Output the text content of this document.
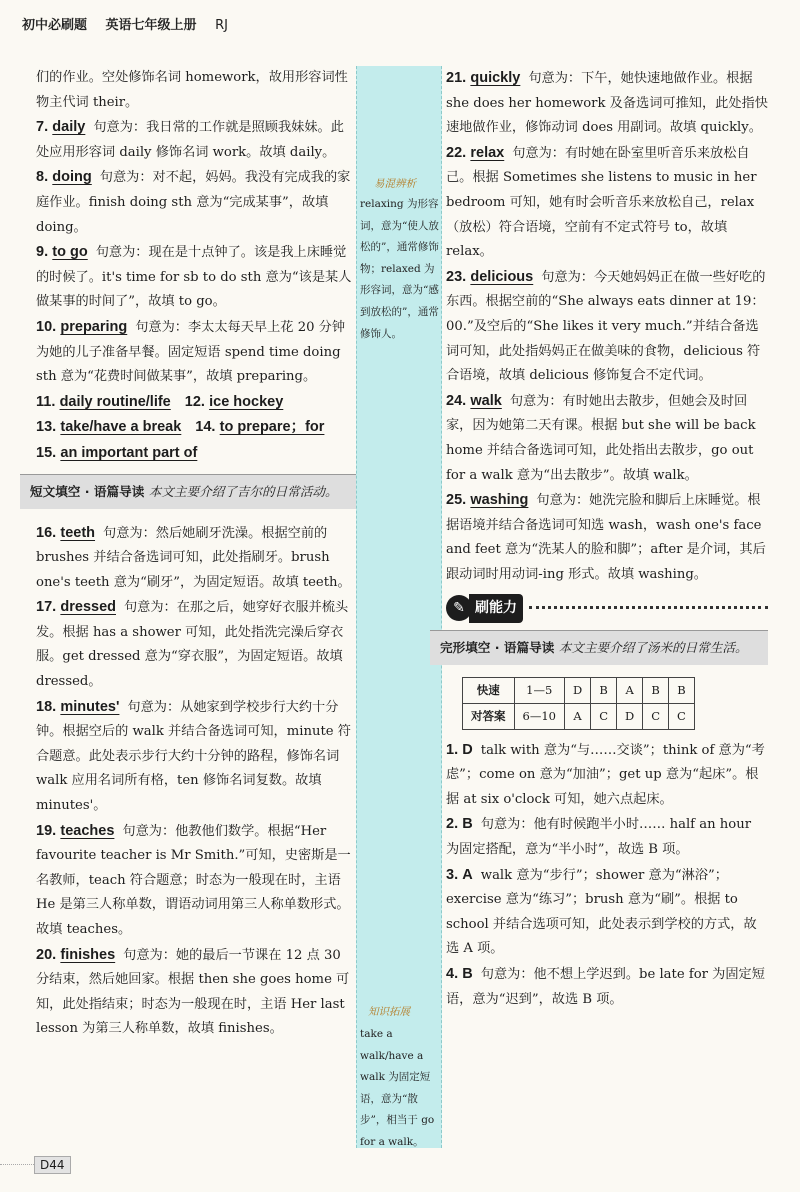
初中必刷题 英语七年级上册 RJ
易混辨析
relaxing 为形容词，意为“使人放松的”，通常修饰物；relaxed 为形容词，意为“感到放松的”，通常修饰人。
知识拓展
take a walk/have a walk 为固定短语，意为“散步”，相当于 go for a walk。
们的作业。空处修饰名词 homework，故用形容词性物主代词 their。
7. daily 句意为：我日常的工作就是照顾我妹妹。此处应用形容词 daily 修饰名词 work。故填 daily。
8. doing 句意为：对不起，妈妈。我没有完成我的家庭作业。finish doing sth 意为“完成某事”，故填 doing。
9. to go 句意为：现在是十点钟了。该是我上床睡觉的时候了。it's time for sb to do sth 意为“该是某人做某事的时间了”，故填 to go。
10. preparing 句意为：李太太每天早上花 20 分钟为她的儿子准备早餐。固定短语 spend time doing sth 意为“花费时间做某事”，故填 preparing。
11. daily routine/life 12. ice hockey
13. take/have a break 14. to prepare；for
15. an important part of
短文填空 · 语篇导读 本文主要介绍了吉尔的日常活动。
16. teeth 句意为：然后她刷牙洗澡。根据空前的 brushes 并结合备选词可知，此处指刷牙。brush one's teeth 意为“刷牙”，为固定短语。故填 teeth。
17. dressed 句意为：在那之后，她穿好衣服并梳头发。根据 has a shower 可知，此处指洗完澡后穿衣服。get dressed 意为“穿衣服”，为固定短语。故填 dressed。
18. minutes' 句意为：从她家到学校步行大约十分钟。根据空后的 walk 并结合备选词可知，minute 符合题意。此处表示步行大约十分钟的路程，修饰名词 walk 应用名词所有格，ten 修饰名词复数。故填 minutes'。
19. teaches 句意为：他教他们数学。根据“Her favourite teacher is Mr Smith.”可知，史密斯是一名教师，teach 符合题意；时态为一般现在时，主语 He 是第三人称单数，谓语动词用第三人称单数形式。故填 teaches。
20. finishes 句意为：她的最后一节课在 12 点 30 分结束，然后她回家。根据 then she goes home 可知，此处指结束；时态为一般现在时，主语 Her last lesson 为第三人称单数，故填 finishes。
21. quickly 句意为：下午，她快速地做作业。根据 she does her homework 及备选词可推知，此处指快速地做作业，修饰动词 does 用副词。故填 quickly。
22. relax 句意为：有时她在卧室里听音乐来放松自己。根据 Sometimes she listens to music in her bedroom 可知，她有时会听音乐来放松自己，relax（放松）符合语境，空前有不定式符号 to，故填 relax。
23. delicious 句意为：今天她妈妈正在做一些好吃的东西。根据空前的“She always eats dinner at 19：00.”及空后的“She likes it very much.”并结合备选词可知，此处指妈妈正在做美味的食物，delicious 符合语境，故填 delicious 修饰复合不定代词。
24. walk 句意为：有时她出去散步，但她会及时回家，因为她第二天有课。根据 but she will be back home 并结合备选词可知，此处指出去散步，go out for a walk 意为“出去散步”。故填 walk。
25. washing 句意为：她洗完脸和脚后上床睡觉。根据语境并结合备选词可知选 wash，wash one's face and feet 意为“洗某人的脸和脚”；after 是介词，其后跟动词时用动词-ing 形式。故填 washing。
✎ 刷能力
完形填空 · 语篇导读 本文主要介绍了汤米的日常生活。
快速	1—5	D	B	A	B	B
对答案	6—10	A	C	D	C	C
1. D talk with 意为“与……交谈”；think of 意为“考虑”；come on 意为“加油”；get up 意为“起床”。根据 at six o'clock 可知，她六点起床。
2. B 句意为：他有时候跑半小时…… half an hour 为固定搭配，意为“半小时”，故选 B 项。
3. A walk 意为“步行”；shower 意为“淋浴”；exercise 意为“练习”；brush 意为“刷”。根据 to school 并结合选项可知，此处表示到学校的方式，故选 A 项。
4. B 句意为：他不想上学迟到。be late for 为固定短语，意为“迟到”，故选 B 项。
D44
